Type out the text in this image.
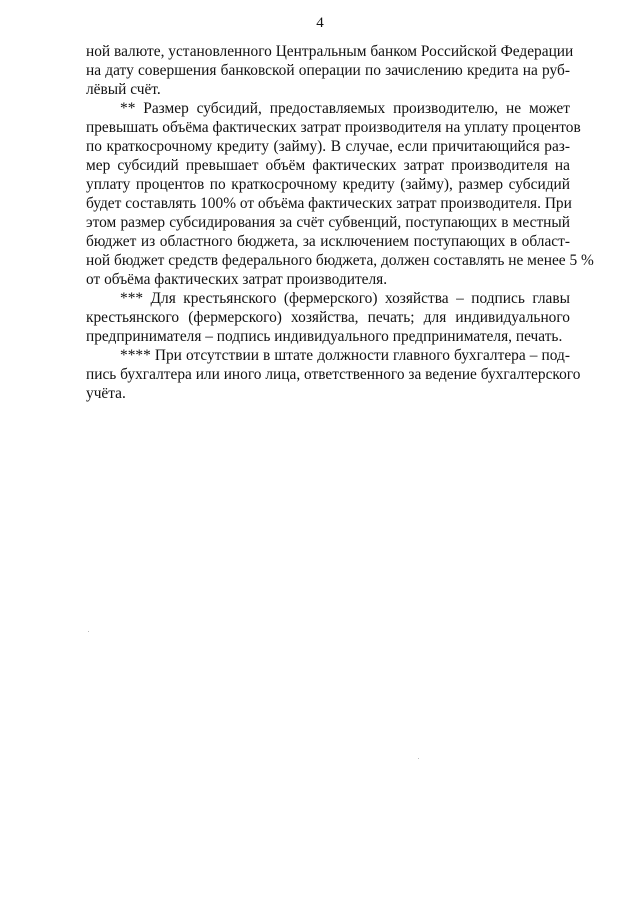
4
ной валюте, установленного Центральным банком Российской Федерации
на дату совершения банковской операции по зачислению кредита на руб-
лёвый счёт.
** Размер субсидий, предоставляемых производителю, не может
превышать объёма фактических затрат производителя на уплату процентов
по краткосрочному кредиту (займу). В случае, если причитающийся раз-
мер субсидий превышает объём фактических затрат производителя на
уплату процентов по краткосрочному кредиту (займу), размер субсидий
будет составлять 100% от объёма фактических затрат производителя. При
этом размер субсидирования за счёт субвенций, поступающих в местный
бюджет из областного бюджета, за исключением поступающих в област-
ной бюджет средств федерального бюджета, должен составлять не менее 5 %
от объёма фактических затрат производителя.
*** Для крестьянского (фермерского) хозяйства – подпись главы
крестьянского (фермерского) хозяйства, печать; для индивидуального
предпринимателя – подпись индивидуального предпринимателя, печать.
**** При отсутствии в штате должности главного бухгалтера – под-
пись бухгалтера или иного лица, ответственного за ведение бухгалтерского
учёта.
